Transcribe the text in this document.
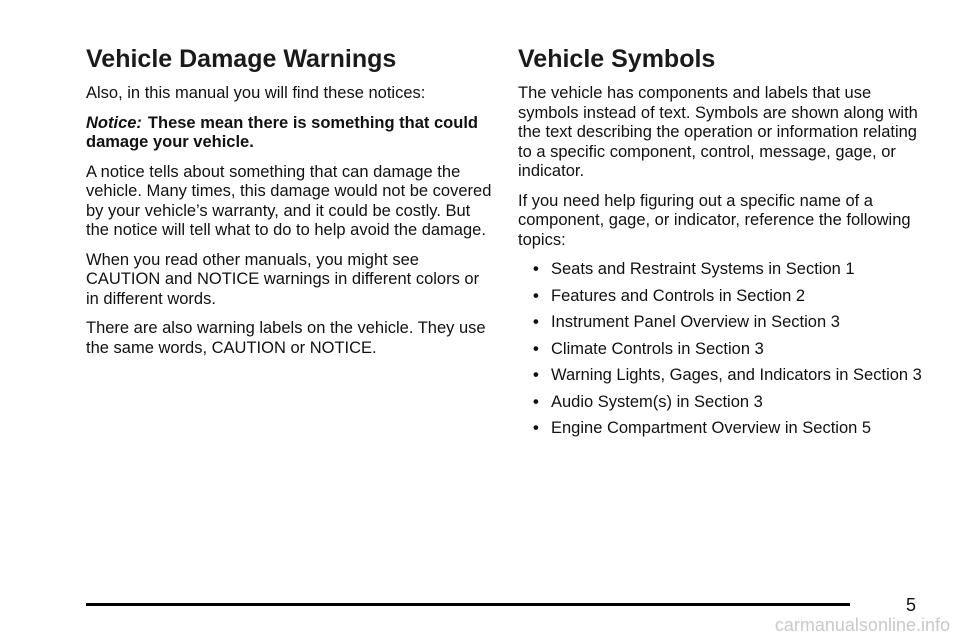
Vehicle Damage Warnings

Also, in this manual you will find these notices:

Notice: These mean there is something that could damage your vehicle.

A notice tells about something that can damage the vehicle. Many times, this damage would not be covered by your vehicle’s warranty, and it could be costly. But the notice will tell what to do to help avoid the damage.

When you read other manuals, you might see CAUTION and NOTICE warnings in different colors or in different words.

There are also warning labels on the vehicle. They use the same words, CAUTION or NOTICE.

Vehicle Symbols

The vehicle has components and labels that use symbols instead of text. Symbols are shown along with the text describing the operation or information relating to a specific component, control, message, gage, or indicator.

If you need help figuring out a specific name of a component, gage, or indicator, reference the following topics:

• Seats and Restraint Systems in Section 1
• Features and Controls in Section 2
• Instrument Panel Overview in Section 3
• Climate Controls in Section 3
• Warning Lights, Gages, and Indicators in Section 3
• Audio System(s) in Section 3
• Engine Compartment Overview in Section 5
5
carmanualsonline.info
